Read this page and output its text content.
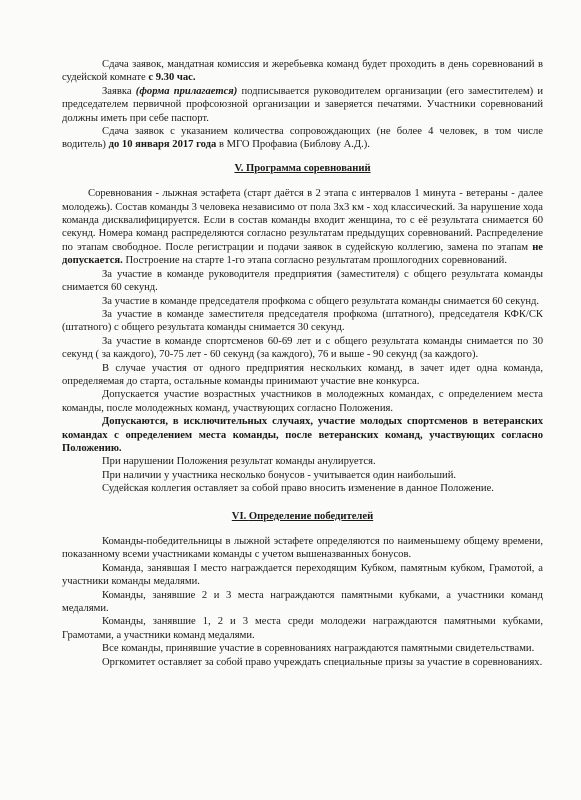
Сдача заявок, мандатная комиссия и жеребьевка команд будет проходить в день соревнований в судейской комнате с 9.30 час.

Заявка (форма прилагается) подписывается руководителем организации (его заместителем) и председателем первичной профсоюзной организации и заверяется печатями. Участники соревнований должны иметь при себе паспорт.

Сдача заявок с указанием количества сопровождающих (не более 4 человек, в том числе водитель) до 10 января 2017 года в МГО Профавиа (Библову А.Д.).

V. Программа соревнований

Соревнования - лыжная эстафета (старт даётся в 2 этапа с интервалов 1 минута - ветераны - далее молодежь). Состав команды 3 человека независимо от пола 3х3 км - ход классический. За нарушение хода команда дисквалифицируется. Если в состав команды входит женщина, то с её результата снимается 60 секунд. Номера команд распределяются согласно результатам предыдущих соревнований. Распределение по этапам свободное. После регистрации и подачи заявок в судейскую коллегию, замена по этапам не допускается. Построение на старте 1-го этапа согласно результатам прошлогодних соревнований.

За участие в команде руководителя предприятия (заместителя) с общего результата команды снимается 60 секунд.

За участие в команде председателя профкома с общего результата команды снимается 60 секунд.

За участие в команде заместителя председателя профкома (штатного), председателя КФК/СК (штатного) с общего результата команды снимается 30 секунд.

За участие в команде спортсменов 60-69 лет и с общего результата команды снимается по 30 секунд ( за каждого), 70-75 лет - 60 секунд (за каждого), 76 и выше - 90 секунд (за каждого).

В случае участия от одного предприятия нескольких команд, в зачет идет одна команда, определяемая до старта, остальные команды принимают участие вне конкурса.

Допускается участие возрастных участников в молодежных командах, с определением места команды, после молодежных команд, участвующих согласно Положения.

Допускаются, в исключительных случаях, участие молодых спортсменов в ветеранских командах с определением места команды, после ветеранских команд, участвующих согласно Положению.

При нарушении Положения результат команды анулируется.

При наличии у участника несколько бонусов - учитывается один наибольший.

Судейская коллегия оставляет за собой право вносить изменение в данное Положение.

VI. Определение победителей

Команды-победительницы в лыжной эстафете определяются по наименьшему общему времени, показанному всеми участниками команды с учетом вышеназванных бонусов.

Команда, занявшая I место награждается переходящим Кубком, памятным кубком, Грамотой, а участники команды медалями.

Команды, занявшие 2 и 3 места награждаются памятными кубками, а участники команд медалями.

Команды, занявшие 1, 2 и 3 места среди молодежи награждаются памятными кубками, Грамотами, а участники команд медалями.

Все команды, принявшие участие в соревнованиях награждаются памятными свидетельствами.

Оргкомитет оставляет за собой право учреждать специальные призы за участие в соревнованиях.
